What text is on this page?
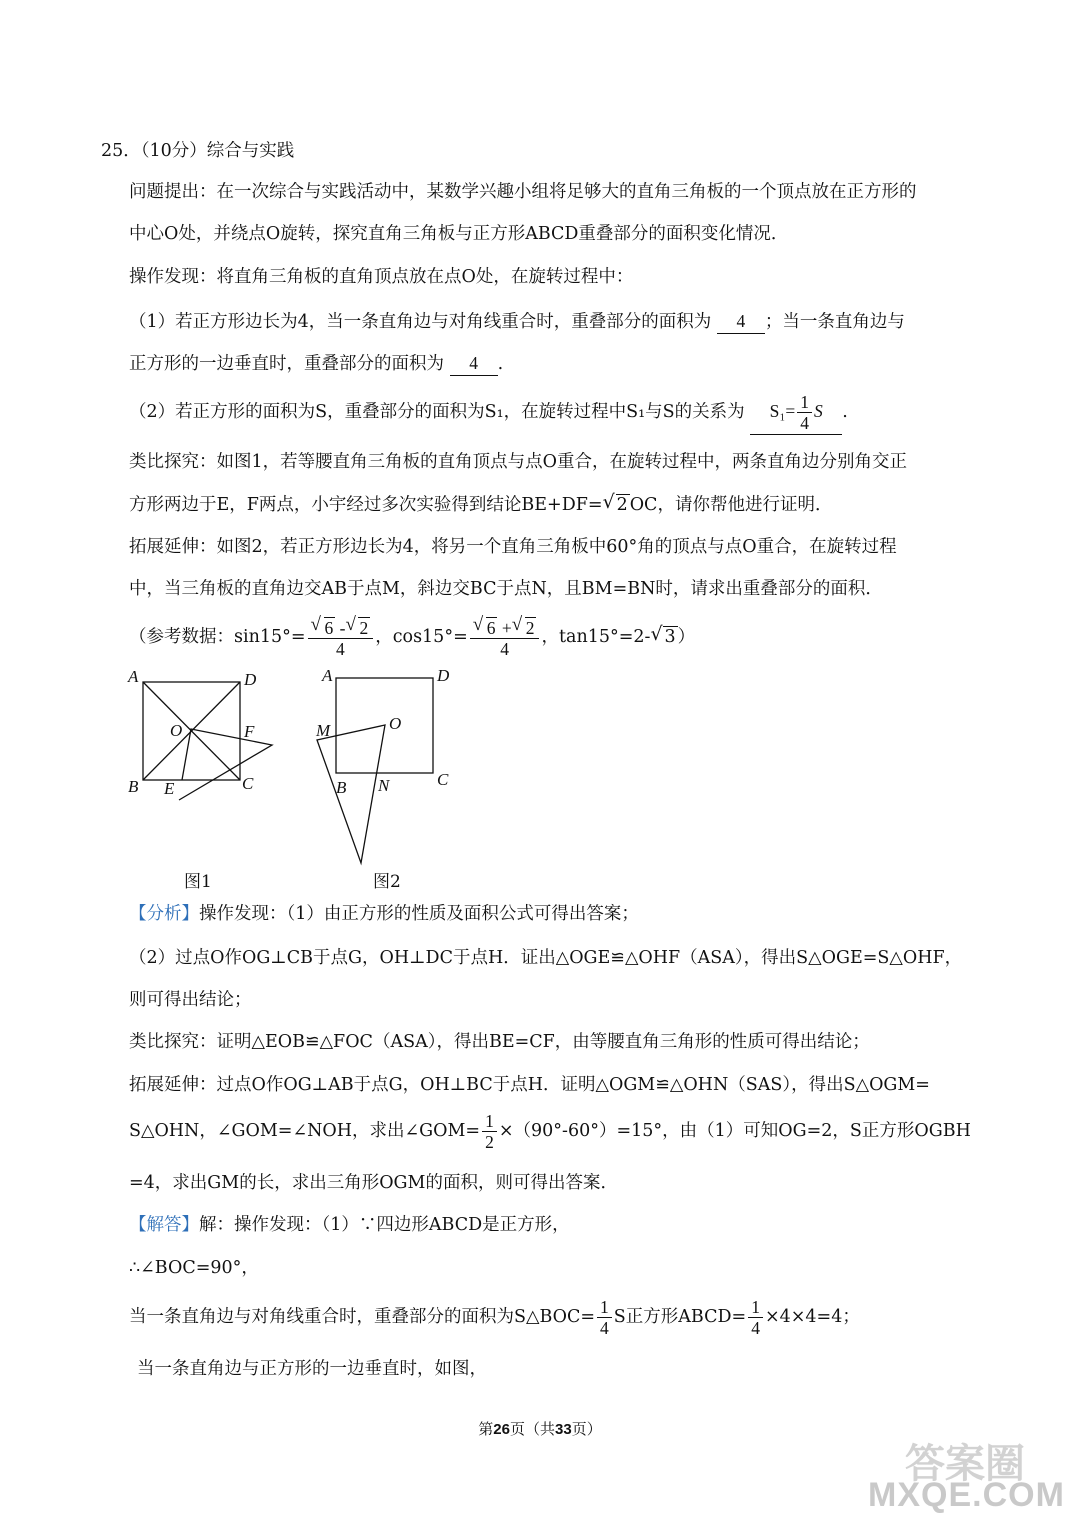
25．（10分）综合与实践
问题提出：在一次综合与实践活动中，某数学兴趣小组将足够大的直角三角板的一个顶点放在正方形的
中心O处，并绕点O旋转，探究直角三角板与正方形ABCD重叠部分的面积变化情况．
操作发现：将直角三角板的直角顶点放在点O处，在旋转过程中：
（1）若正方形边长为4，当一条直角边与对角线重合时，重叠部分的面积为 4 ；当一条直角边与
正方形的一边垂直时，重叠部分的面积为 4 .
（2）若正方形的面积为S，重叠部分的面积为S₁，在旋转过程中S₁与S的关系为 $S_1= \frac{1}{4}$ S .
类比探究：如图1，若等腰直角三角板的直角顶点与点O重合，在旋转过程中，两条直角边分别角交正
方形两边于E，F两点，小宇经过多次实验得到结论BE+DF= √ 2 OC，请你帮他进行证明．
拓展延伸：如图2，若正方形边长为4，将另一个直角三角板中60°角的顶点与点O重合，在旋转过程
中，当三角板的直角边交AB于点M，斜边交BC于点N，且BM=BN时，请求出重叠部分的面积．
（参考数据：sin15°= √ $\frac{6 - √ 2}{4}$ ，cos15°= √ $\frac{6 + √ 2}{4}$ ，tan15°=2- √ 3 ）
A	D
O	F
B E	C
图1
A	D
O
M
B N	C
图2
【分析】操作发现：（1）由正方形的性质及面积公式可得出答案；
（2）过点O作OG⊥CB于点G，OH⊥DC于点H．证出△OGE≌△OHF（ASA），得出S△OGE=S△OHF，
则可得出结论；
类比探究：证明△EOB≌△FOC（ASA），得出BE=CF，由等腰直角三角形的性质可得出结论；
拓展延伸：过点O作OG⊥AB于点G，OH⊥BC于点H．证明△OGM≌△OHN（SAS），得出S△OGM=
S△OHN，∠GOM=∠NOH，求出∠GOM= $\frac{1}{2} \times(90^\circ-60^\circ)=15^\circ$，由（1）可知OG=2，S正方形OGBH
=4，求出GM的长，求出三角形OGM的面积，则可得出答案．
【解答】解：操作发现：（1）∵四边形ABCD是正方形，
∴∠BOC=90°，
当一条直角边与对角线重合时，重叠部分的面积为S△BOC= $\frac{1}{4}$ S正方形ABCD= $\frac{1}{4} \times 4\times 4=4$；
当一条直角边与正方形的一边垂直时，如图，
第26页（共33页）
答案圈
MXQE.COM
